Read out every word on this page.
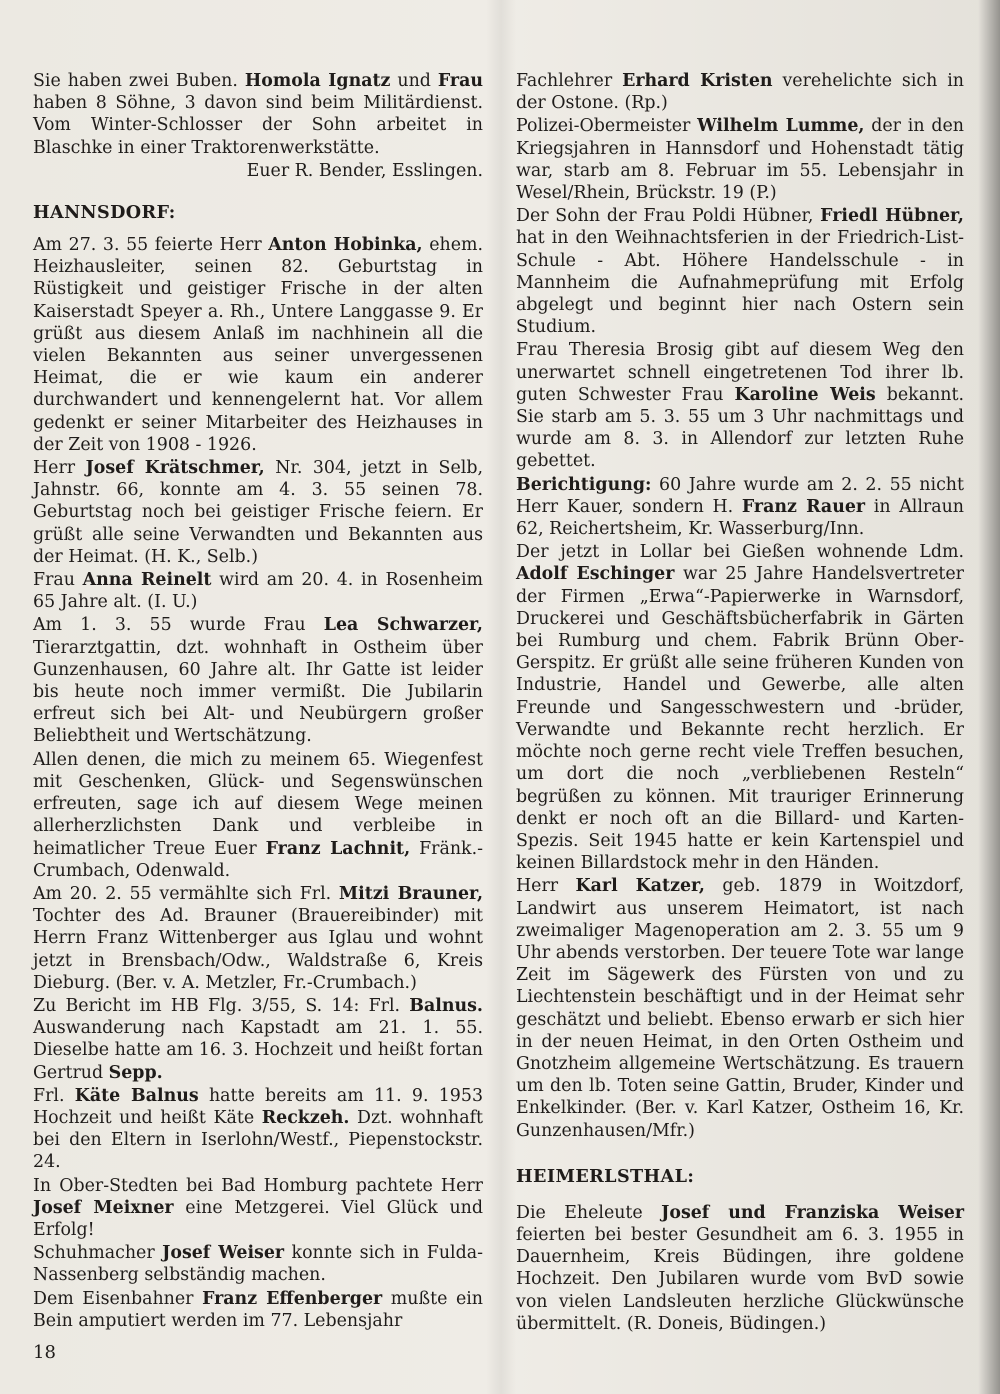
Sie haben zwei Buben. Homola Ignatz und Frau haben 8 Söhne, 3 davon sind beim Militärdienst. Vom Winter-Schlosser der Sohn arbeitet in Blaschke in einer Traktorenwerkstätte.

Euer R. Bender, Esslingen.

HANNSDORF:

Am 27. 3. 55 feierte Herr Anton Hobinka, ehem. Heizhausleiter, seinen 82. Geburtstag in Rüstigkeit und geistiger Frische in der alten Kaiserstadt Speyer a. Rh., Untere Langgasse 9. Er grüßt aus diesem Anlaß im nachhinein all die vielen Bekannten aus seiner unvergessenen Heimat, die er wie kaum ein anderer durchwandert und kennengelernt hat. Vor allem gedenkt er seiner Mitarbeiter des Heizhauses in der Zeit von 1908 - 1926.

Herr Josef Krätschmer, Nr. 304, jetzt in Selb, Jahnstr. 66, konnte am 4. 3. 55 seinen 78. Geburtstag noch bei geistiger Frische feiern. Er grüßt alle seine Verwandten und Bekannten aus der Heimat. (H. K., Selb.)

Frau Anna Reinelt wird am 20. 4. in Rosenheim 65 Jahre alt. (I. U.)

Am 1. 3. 55 wurde Frau Lea Schwarzer, Tierarztgattin, dzt. wohnhaft in Ostheim über Gunzenhausen, 60 Jahre alt. Ihr Gatte ist leider bis heute noch immer vermißt. Die Jubilarin erfreut sich bei Alt- und Neubürgern großer Beliebtheit und Wertschätzung.

Allen denen, die mich zu meinem 65. Wiegenfest mit Geschenken, Glück- und Segenswünschen erfreuten, sage ich auf diesem Wege meinen allerherzlichsten Dank und verbleibe in heimatlicher Treue Euer Franz Lachnit, Fränk.-Crumbach, Odenwald.

Am 20. 2. 55 vermählte sich Frl. Mitzi Brauner, Tochter des Ad. Brauner (Brauereibinder) mit Herrn Franz Wittenberger aus Iglau und wohnt jetzt in Brensbach/Odw., Waldstraße 6, Kreis Dieburg. (Ber. v. A. Metzler, Fr.-Crumbach.)

Zu Bericht im HB Flg. 3/55, S. 14: Frl. Balnus. Auswanderung nach Kapstadt am 21. 1. 55. Dieselbe hatte am 16. 3. Hochzeit und heißt fortan Gertrud Sepp.

Frl. Käte Balnus hatte bereits am 11. 9. 1953 Hochzeit und heißt Käte Reckzeh. Dzt. wohnhaft bei den Eltern in Iserlohn/Westf., Piepenstockstr. 24.

In Ober-Stedten bei Bad Homburg pachtete Herr Josef Meixner eine Metzgerei. Viel Glück und Erfolg!

Schuhmacher Josef Weiser konnte sich in Fulda-Nassenberg selbständig machen.

Dem Eisenbahner Franz Effenberger mußte ein Bein amputiert werden im 77. Lebensjahr

Fachlehrer Erhard Kristen verehelichte sich in der Ostone. (Rp.)

Polizei-Obermeister Wilhelm Lumme, der in den Kriegsjahren in Hannsdorf und Hohenstadt tätig war, starb am 8. Februar im 55. Lebensjahr in Wesel/Rhein, Brückstr. 19 (P.)

Der Sohn der Frau Poldi Hübner, Friedl Hübner, hat in den Weihnachtsferien in der Friedrich-List-Schule - Abt. Höhere Handelsschule - in Mannheim die Aufnahmeprüfung mit Erfolg abgelegt und beginnt hier nach Ostern sein Studium.

Frau Theresia Brosig gibt auf diesem Weg den unerwartet schnell eingetretenen Tod ihrer lb. guten Schwester Frau Karoline Weis bekannt. Sie starb am 5. 3. 55 um 3 Uhr nachmittags und wurde am 8. 3. in Allendorf zur letzten Ruhe gebettet.

Berichtigung: 60 Jahre wurde am 2. 2. 55 nicht Herr Kauer, sondern H. Franz Rauer in Allraun 62, Reichertsheim, Kr. Wasserburg/Inn.

Der jetzt in Lollar bei Gießen wohnende Ldm. Adolf Eschinger war 25 Jahre Handelsvertreter der Firmen „Erwa“-Papierwerke in Warnsdorf, Druckerei und Geschäftsbücherfabrik in Gärten bei Rumburg und chem. Fabrik Brünn Ober-Gerspitz. Er grüßt alle seine früheren Kunden von Industrie, Handel und Gewerbe, alle alten Freunde und Sangesschwestern und -brüder, Verwandte und Bekannte recht herzlich. Er möchte noch gerne recht viele Treffen besuchen, um dort die noch „verbliebenen Resteln“ begrüßen zu können. Mit trauriger Erinnerung denkt er noch oft an die Billard- und Karten-Spezis. Seit 1945 hatte er kein Kartenspiel und keinen Billardstock mehr in den Händen.

Herr Karl Katzer, geb. 1879 in Woitzdorf, Landwirt aus unserem Heimatort, ist nach zweimaliger Magenoperation am 2. 3. 55 um 9 Uhr abends verstorben. Der teuere Tote war lange Zeit im Sägewerk des Fürsten von und zu Liechtenstein beschäftigt und in der Heimat sehr geschätzt und beliebt. Ebenso erwarb er sich hier in der neuen Heimat, in den Orten Ostheim und Gnotzheim allgemeine Wertschätzung. Es trauern um den lb. Toten seine Gattin, Bruder, Kinder und Enkelkinder. (Ber. v. Karl Katzer, Ostheim 16, Kr. Gunzenhausen/Mfr.)

HEIMERLSTHAL:

Die Eheleute Josef und Franziska Weiser feierten bei bester Gesundheit am 6. 3. 1955 in Dauernheim, Kreis Büdingen, ihre goldene Hochzeit. Den Jubilaren wurde vom BvD sowie von vielen Landsleuten herzliche Glückwünsche übermittelt. (R. Doneis, Büdingen.)

18
